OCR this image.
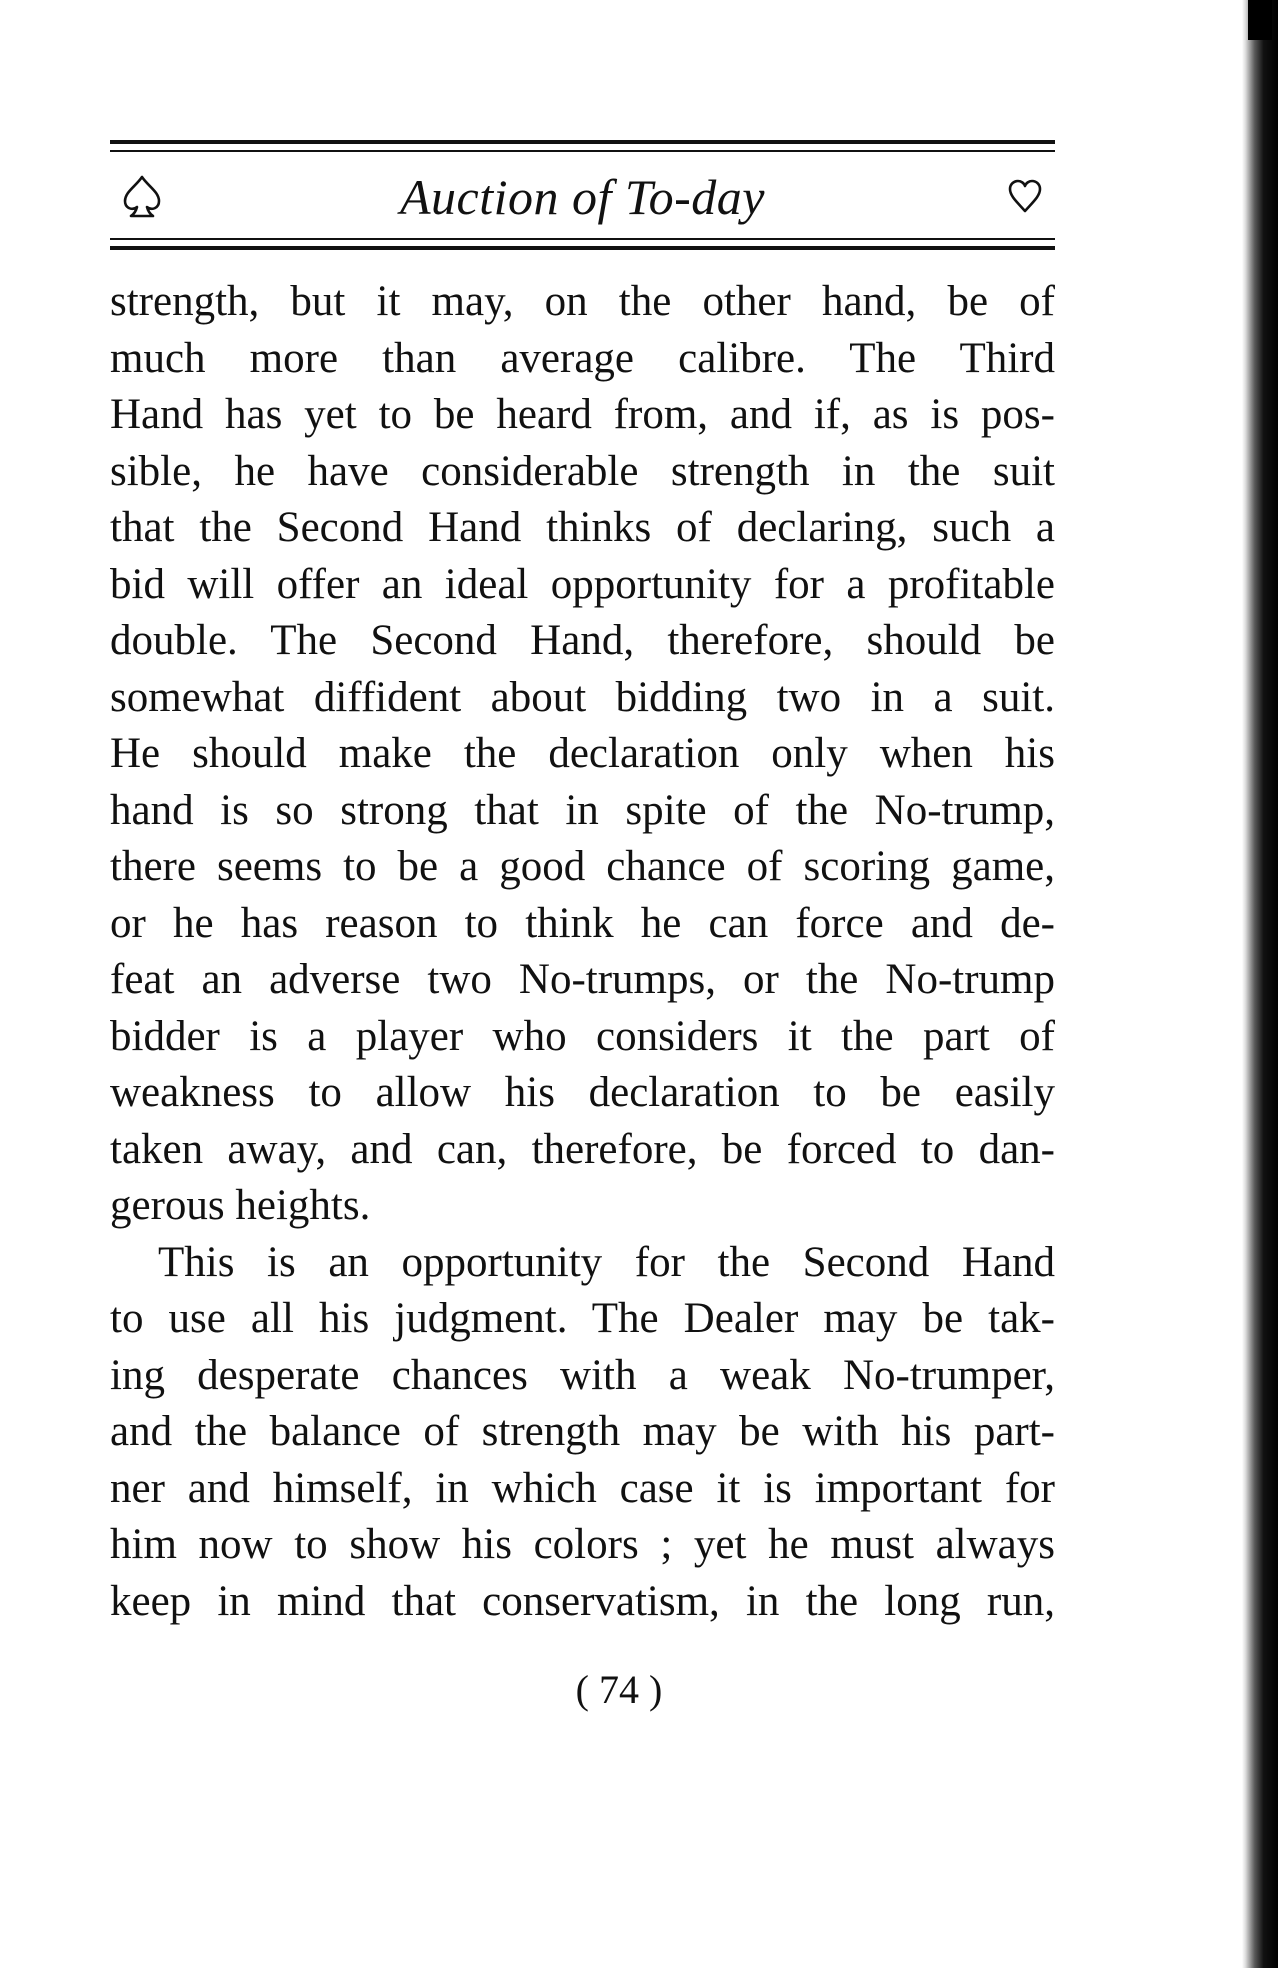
Auction of To-day
strength, but it may, on the other hand, be of
much more than average calibre. The Third
Hand has yet to be heard from, and if, as is pos-
sible, he have considerable strength in the suit
that the Second Hand thinks of declaring, such a
bid will offer an ideal opportunity for a profitable
double. The Second Hand, therefore, should be
somewhat diffident about bidding two in a suit.
He should make the declaration only when his
hand is so strong that in spite of the No-trump,
there seems to be a good chance of scoring game,
or he has reason to think he can force and de-
feat an adverse two No-trumps, or the No-trump
bidder is a player who considers it the part of
weakness to allow his declaration to be easily
taken away, and can, therefore, be forced to dan-
gerous heights.
This is an opportunity for the Second Hand
to use all his judgment. The Dealer may be tak-
ing desperate chances with a weak No-trumper,
and the balance of strength may be with his part-
ner and himself, in which case it is important for
him now to show his colors ; yet he must always
keep in mind that conservatism, in the long run,
( 74 )
